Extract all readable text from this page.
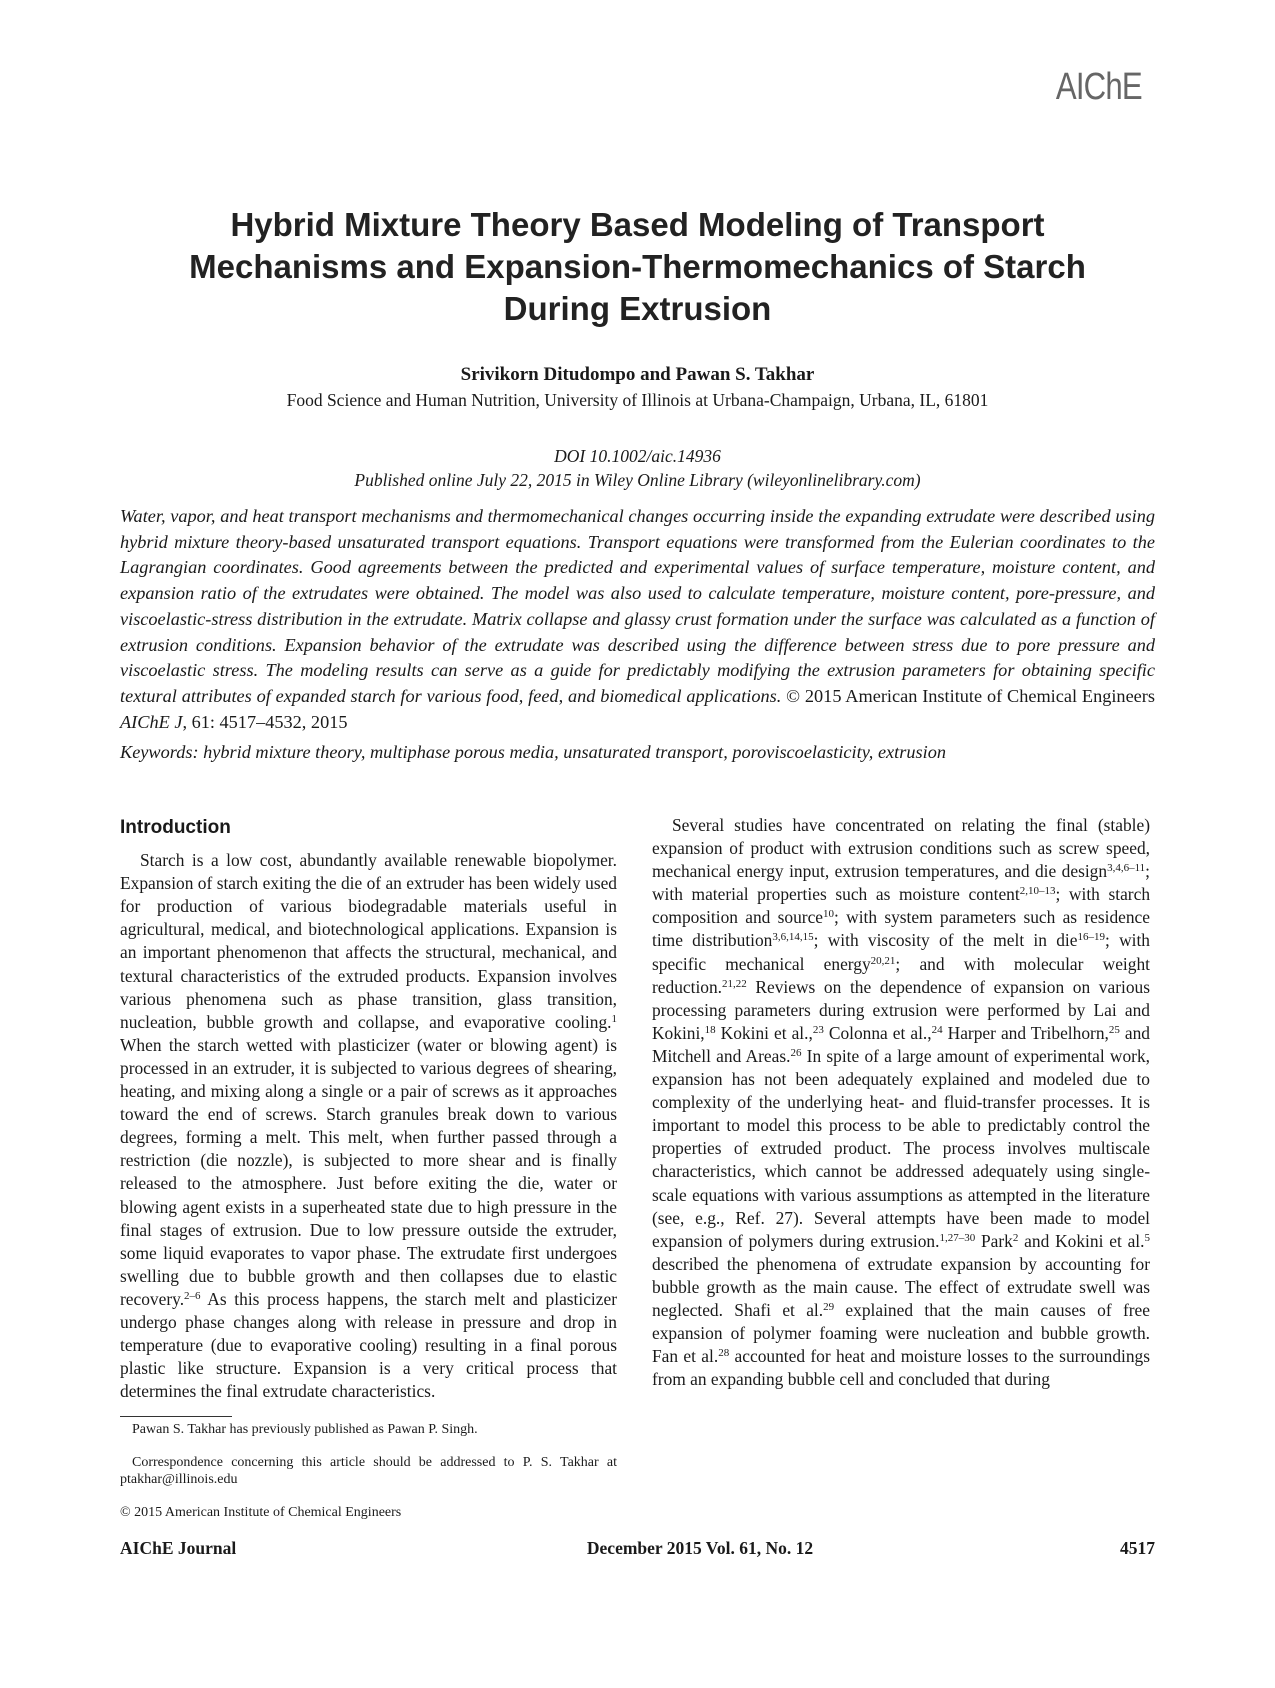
AIChE
Hybrid Mixture Theory Based Modeling of Transport
Mechanisms and Expansion-Thermomechanics of Starch
During Extrusion
Srivikorn Ditudompo and Pawan S. Takhar
Food Science and Human Nutrition, University of Illinois at Urbana-Champaign, Urbana, IL, 61801
DOI 10.1002/aic.14936
Published online July 22, 2015 in Wiley Online Library (wileyonlinelibrary.com)
Water, vapor, and heat transport mechanisms and thermomechanical changes occurring inside the expanding extrudate were described using hybrid mixture theory-based unsaturated transport equations. Transport equations were transformed from the Eulerian coordinates to the Lagrangian coordinates. Good agreements between the predicted and experimental values of surface temperature, moisture content, and expansion ratio of the extrudates were obtained. The model was also used to calculate temperature, moisture content, pore-pressure, and viscoelastic-stress distribution in the extrudate. Matrix collapse and glassy crust formation under the surface was calculated as a function of extrusion conditions. Expansion behavior of the extrudate was described using the difference between stress due to pore pressure and viscoelastic stress. The modeling results can serve as a guide for predictably modifying the extrusion parameters for obtaining specific textural attributes of expanded starch for various food, feed, and biomedical applications. © 2015 American Institute of Chemical Engineers AIChE J, 61: 4517–4532, 2015
Keywords: hybrid mixture theory, multiphase porous media, unsaturated transport, poroviscoelasticity, extrusion
Introduction

Starch is a low cost, abundantly available renewable biopolymer. Expansion of starch exiting the die of an extruder has been widely used for production of various biodegradable materials useful in agricultural, medical, and biotechnological applications. Expansion is an important phenomenon that affects the structural, mechanical, and textural characteristics of the extruded products. Expansion involves various phenomena such as phase transition, glass transition, nucleation, bubble growth and collapse, and evaporative cooling.$^1$ When the starch wetted with plasticizer (water or blowing agent) is processed in an extruder, it is subjected to various degrees of shearing, heating, and mixing along a single or a pair of screws as it approaches toward the end of screws. Starch granules break down to various degrees, forming a melt. This melt, when further passed through a restriction (die nozzle), is subjected to more shear and is finally released to the atmosphere. Just before exiting the die, water or blowing agent exists in a superheated state due to high pressure in the final stages of extrusion. Due to low pressure outside the extruder, some liquid evaporates to vapor phase. The extrudate first undergoes swelling due to bubble growth and then collapses due to elastic recovery.$^{2-6}$ As this process happens, the starch melt and plasticizer undergo phase changes along with release in pressure and drop in temperature (due to evaporative cooling) resulting in a final porous plastic like structure. Expansion is a very critical process that determines the final extrudate characteristics.

Several studies have concentrated on relating the final (stable) expansion of product with extrusion conditions such as screw speed, mechanical energy input, extrusion temperatures, and die design$^{3,4,6-11}$; with material properties such as moisture content$^{2,10-13}$; with starch composition and source$^{10}$; with system parameters such as residence time distribution$^{3,6,14,15}$; with viscosity of the melt in die$^{16-19}$; with specific mechanical energy$^{20,21}$; and with molecular weight reduction.$^{21,22}$ Reviews on the dependence of expansion on various processing parameters during extrusion were performed by Lai and Kokini,$^{18}$ Kokini et al.,$^{23}$ Colonna et al.,$^{24}$ Harper and Tribelhorn,$^{25}$ and Mitchell and Areas.$^{26}$ In spite of a large amount of experimental work, expansion has not been adequately explained and modeled due to complexity of the underlying heat- and fluid-transfer processes. It is important to model this process to be able to predictably control the properties of extruded product. The process involves multiscale characteristics, which cannot be addressed adequately using single-scale equations with various assumptions as attempted in the literature (see, e.g., Ref. 27). Several attempts have been made to model expansion of polymers during extrusion.$^{1,27-30}$ Park$^2$ and Kokini et al.$^5$ described the phenomena of extrudate expansion by accounting for bubble growth as the main cause. The effect of extrudate swell was neglected. Shafi et al.$^{29}$ explained that the main causes of free expansion of polymer foaming were nucleation and bubble growth. Fan et al.$^{28}$ accounted for heat and moisture losses to the surroundings from an expanding bubble cell and concluded that during

Pawan S. Takhar has previously published as Pawan P. Singh.

Correspondence concerning this article should be addressed to P. S. Takhar at ptakhar@illinois.edu

© 2015 American Institute of Chemical Engineers

AIChE Journal	December 2015 Vol. 61, No. 12	4517
